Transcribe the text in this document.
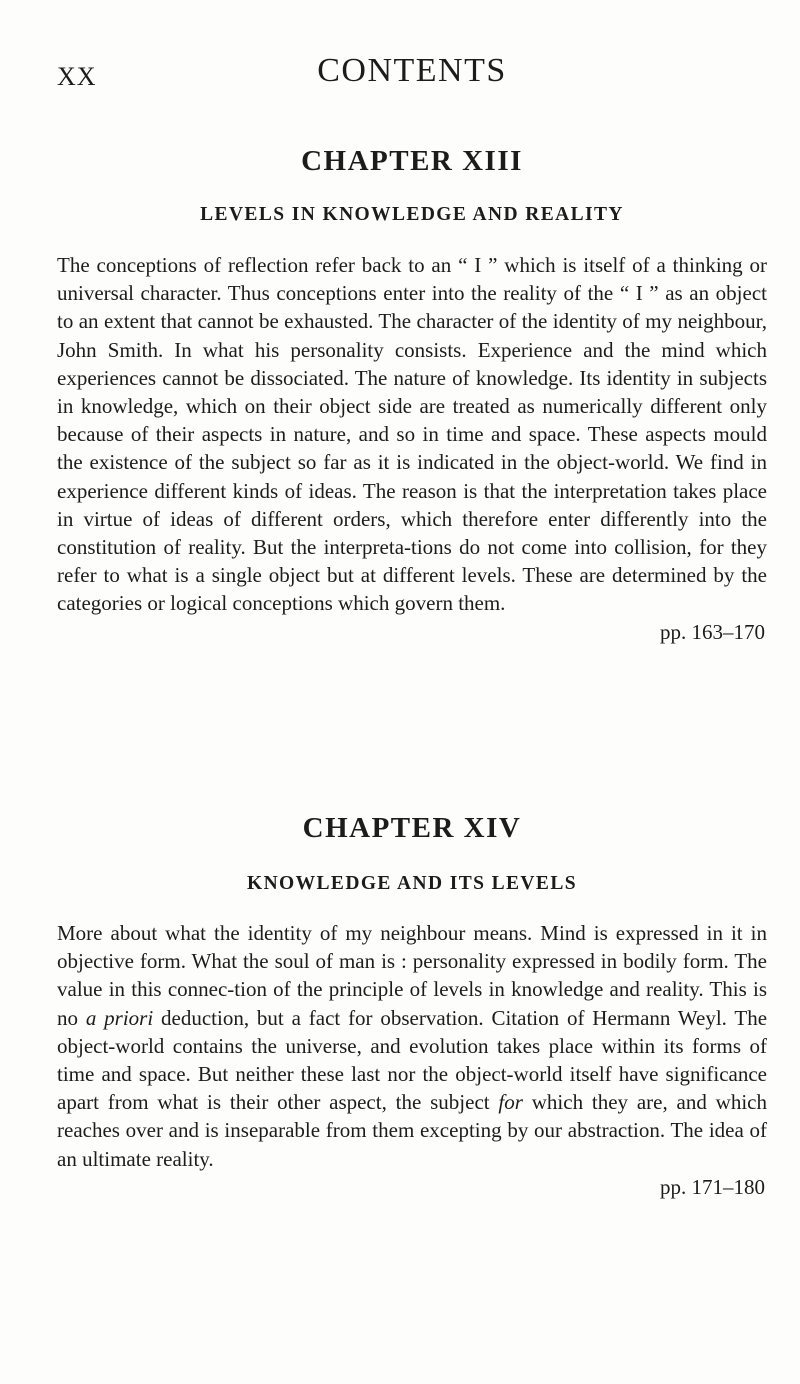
XX	CONTENTS
CHAPTER XIII
LEVELS IN KNOWLEDGE AND REALITY

The conceptions of reflection refer back to an “ I ” which is itself of a thinking or universal character. Thus conceptions enter into the reality of the “ I ” as an object to an extent that cannot be exhausted. The character of the identity of my neighbour, John Smith. In what his personality consists. Experience and the mind which experiences cannot be dissociated. The nature of knowledge. Its identity in subjects in knowledge, which on their object side are treated as numerically different only because of their aspects in nature, and so in time and space. These aspects mould the existence of the subject so far as it is indicated in the object-world. We find in experience different kinds of ideas. The reason is that the interpretation takes place in virtue of ideas of different orders, which therefore enter differently into the constitution of reality. But the interpreta-tions do not come into collision, for they refer to what is a single object but at different levels. These are determined by the categories or logical conceptions which govern them.

pp. 163–170

CHAPTER XIV
KNOWLEDGE AND ITS LEVELS

More about what the identity of my neighbour means. Mind is expressed in it in objective form. What the soul of man is : personality expressed in bodily form. The value in this connec-tion of the principle of levels in knowledge and reality. This is no a priori deduction, but a fact for observation. Citation of Hermann Weyl. The object-world contains the universe, and evolution takes place within its forms of time and space. But neither these last nor the object-world itself have significance apart from what is their other aspect, the subject for which they are, and which reaches over and is inseparable from them excepting by our abstraction. The idea of an ultimate reality.

pp. 171–180
